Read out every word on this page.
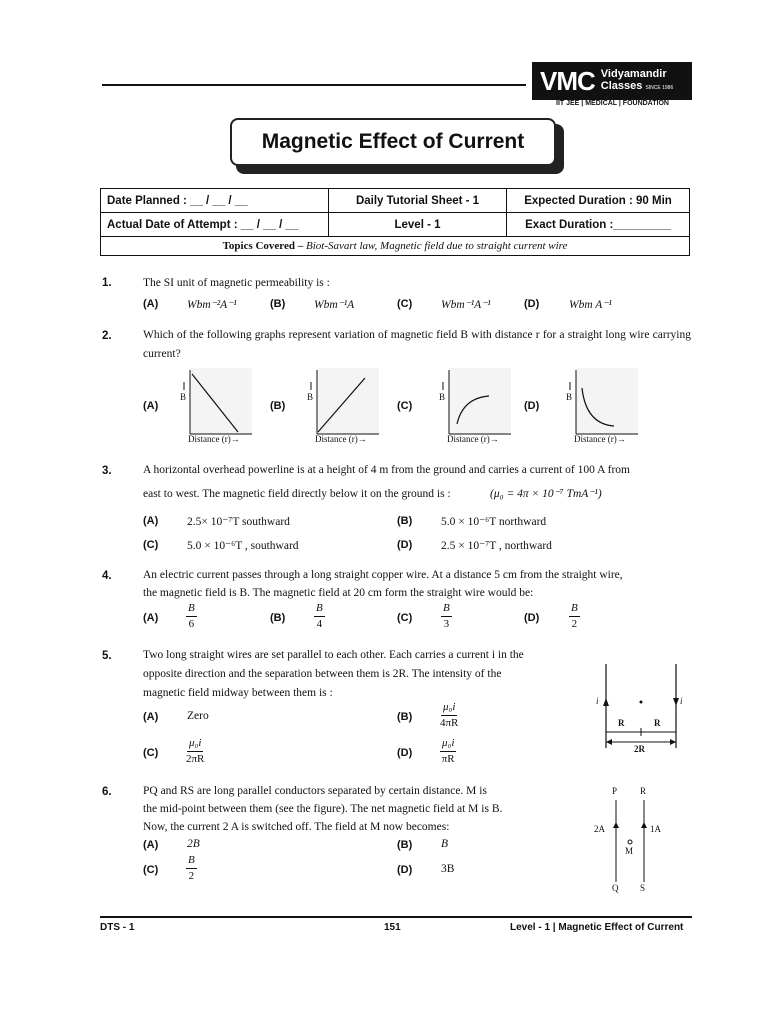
VMC Vidyamandir
Classes SINCE 1986
IIT JEE | MEDICAL | FOUNDATION
Magnetic Effect of Current
Date Planned : __ / __ / __	Daily Tutorial Sheet - 1	Expected Duration : 90 Min
Actual Date of Attempt : __ / __ / __	Level - 1	Exact Duration :_________
Topics Covered – Biot-Savart law, Magnetic field due to straight current wire		
1.	The SI unit of magnetic permeability is :
(A) Wbm⁻²A⁻¹	(B) Wbm⁻¹A	(C) Wbm⁻¹A⁻¹	(D)	Wbm A⁻¹
2.	Which of the following graphs represent variation of magnetic field B with distance r for a straight long wire carrying current?
(A)	(B)	(C)	(D)
B
Distance (r)→
B
Distance (r)→
B
Distance (r)→
B
Distance (r)→
3.	A horizontal overhead powerline is at a height of 4 m from the ground and carries a current of 100 A from
east to west. The magnetic field directly below it on the ground is :	(μ₀ = 4π × 10⁻⁷ TmA⁻¹)
(A) 2.5× 10⁻⁷T southward	(B) 5.0 × 10⁻⁶T northward
(C) 5.0 × 10⁻⁶T , southward	(D) 2.5 × 10⁻⁷T , northward
4.	An electric current passes through a long straight copper wire. At a distance 5 cm from the straight wire,
the magnetic field is B. The magnetic field at 20 cm form the straight wire would be:
(A)	$\frac{B}{6}$	(B)	$\frac{B}{4}$	(C)	$\frac{B}{3}$	(D)	$\frac{B}{2}$
5.	Two long straight wires are set parallel to each other. Each carries a current i in the
opposite direction and the separation between them is 2R. The intensity of the
magnetic field midway between them is :
(A) Zero	(B)	$\frac{\text{μ₀i}}{4\pi R}$
(C)	$\frac{\text{μ₀i}}{2\pi R}$	(D)	$\frac{\text{μ₀i}}{\pi R}$
i	i
R	R
2R
6.	PQ and RS are long parallel conductors separated by certain distance. M is
the mid-point between them (see the figure). The net magnetic field at M is B.
Now, the current 2 A is switched off. The field at M now becomes:
(A) 2B	(B) B
(C)	$\frac{B}{2}$	(D) 3B
P	R
2A	1A
M
Q S
DTS - 1	151	Level - 1 | Magnetic Effect of Current
